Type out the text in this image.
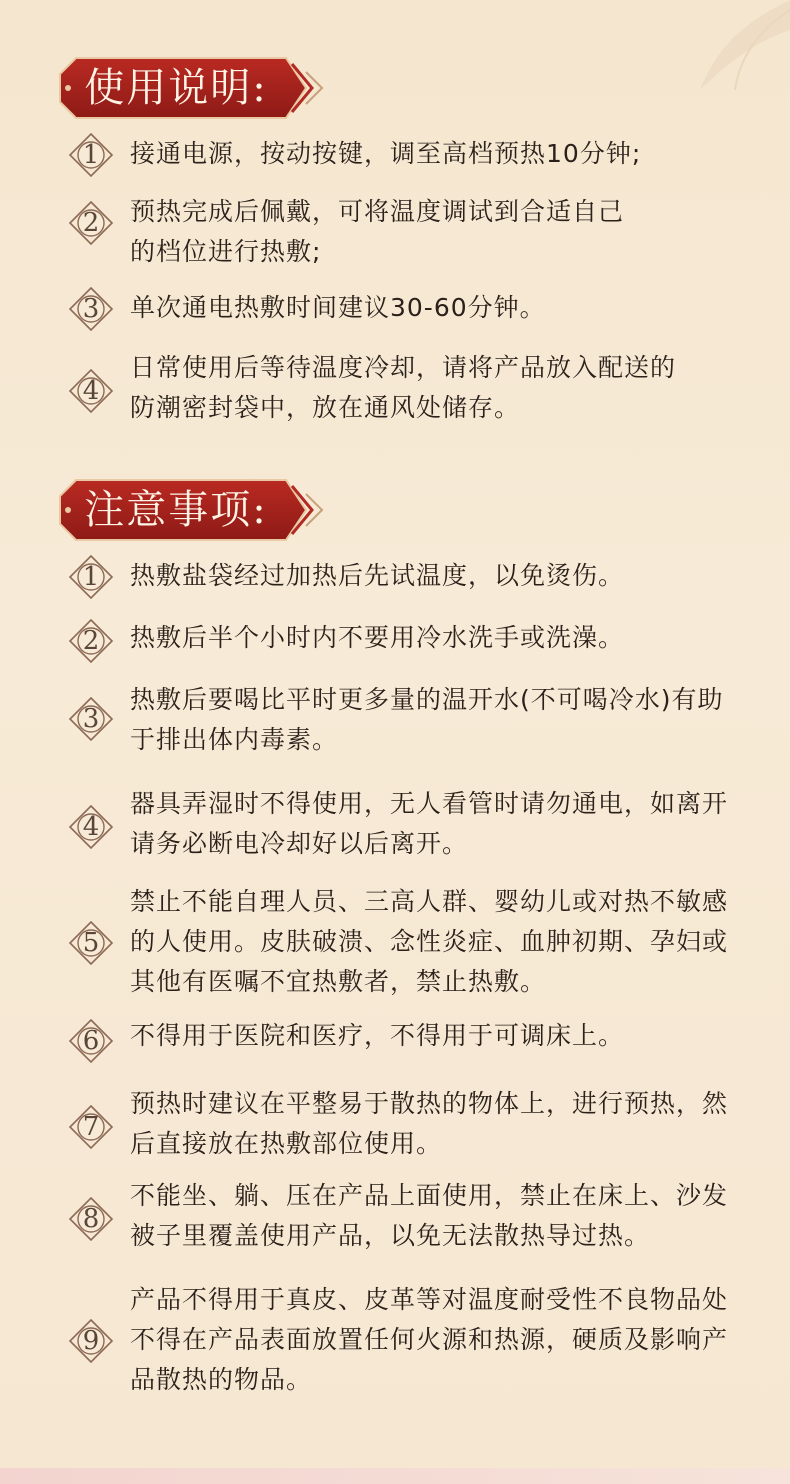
使用说明:
1	接通电源，按动按键，调至高档预热10分钟;
2	预热完成后佩戴，可将温度调试到合适自己
的档位进行热敷;
3	单次通电热敷时间建议30-60分钟。
4
日常使用后等待温度冷却，请将产品放入配送的
防潮密封袋中，放在通风处储存。
注意事项:
1	热敷盐袋经过加热后先试温度，以免烫伤。
2	热敷后半个小时内不要用冷水洗手或洗澡。
3
热敷后要喝比平时更多量的温开水(不可喝冷水)有助
于排出体内毒素。
4
器具弄湿时不得使用，无人看管时请勿通电，如离开
请务必断电冷却好以后离开。
5
禁止不能自理人员、三高人群、婴幼儿或对热不敏感
的人使用。皮肤破溃、念性炎症、血肿初期、孕妇或
其他有医嘱不宜热敷者，禁止热敷。
6	不得用于医院和医疗，不得用于可调床上。
7
预热时建议在平整易于散热的物体上，进行预热，然
后直接放在热敷部位使用。
8
不能坐、躺、压在产品上面使用，禁止在床上、沙发
被子里覆盖使用产品，以免无法散热导过热。
9
产品不得用于真皮、皮革等对温度耐受性不良物品处
不得在产品表面放置任何火源和热源，硬质及影响产
品散热的物品。
